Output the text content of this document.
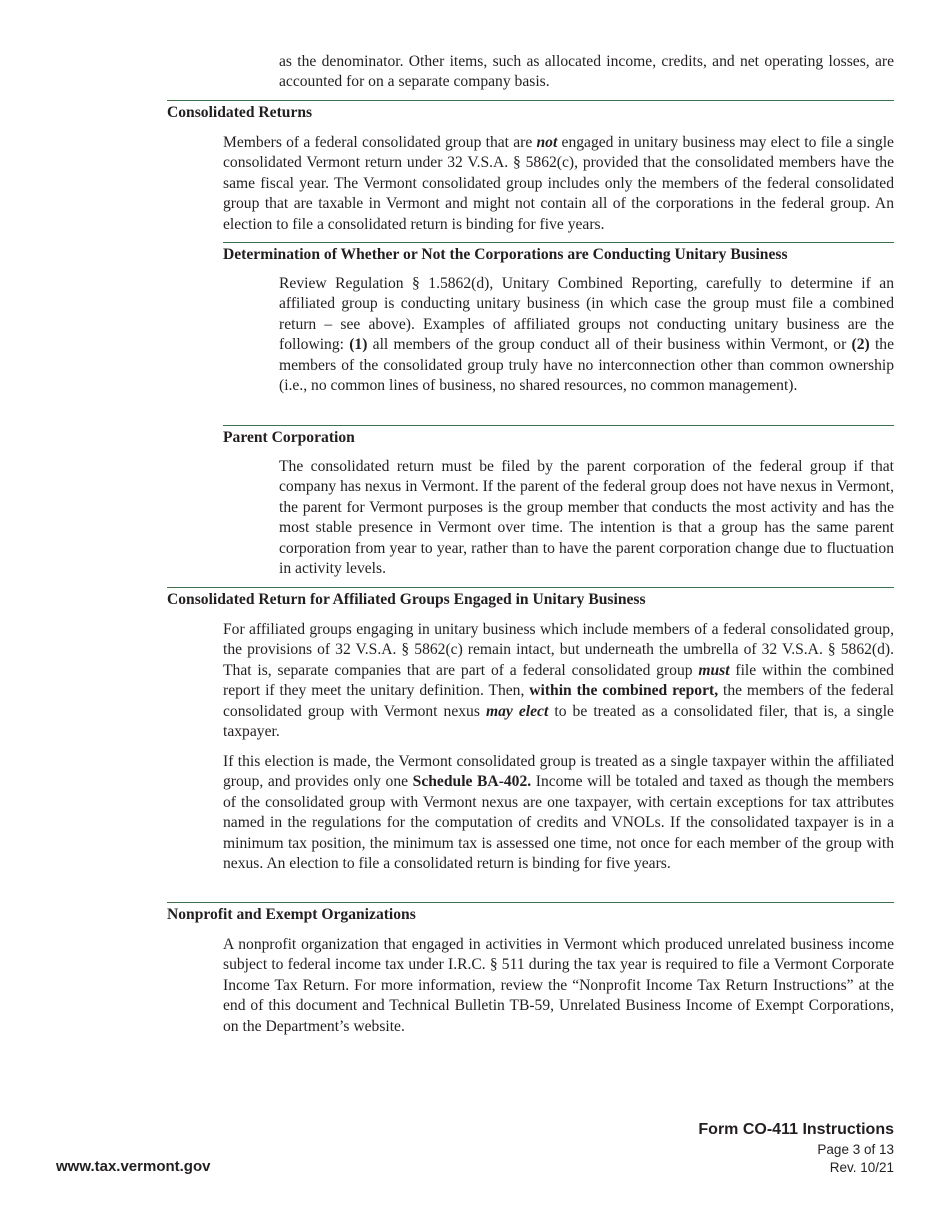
as the denominator. Other items, such as allocated income, credits, and net operating losses, are accounted for on a separate company basis.

Consolidated Returns

Members of a federal consolidated group that are not engaged in unitary business may elect to file a single consolidated Vermont return under 32 V.S.A. § 5862(c), provided that the consolidated members have the same fiscal year. The Vermont consolidated group includes only the members of the federal consolidated group that are taxable in Vermont and might not contain all of the corporations in the federal group. An election to file a consolidated return is binding for five years.

Determination of Whether or Not the Corporations are Conducting Unitary Business

Review Regulation § 1.5862(d), Unitary Combined Reporting, carefully to determine if an affiliated group is conducting unitary business (in which case the group must file a combined return – see above). Examples of affiliated groups not conducting unitary business are the following: (1) all members of the group conduct all of their business within Vermont, or (2) the members of the consolidated group truly have no interconnection other than common ownership (i.e., no common lines of business, no shared resources, no common management).

Parent Corporation

The consolidated return must be filed by the parent corporation of the federal group if that company has nexus in Vermont. If the parent of the federal group does not have nexus in Vermont, the parent for Vermont purposes is the group member that conducts the most activity and has the most stable presence in Vermont over time. The intention is that a group has the same parent corporation from year to year, rather than to have the parent corporation change due to fluctuation in activity levels.

Consolidated Return for Affiliated Groups Engaged in Unitary Business

For affiliated groups engaging in unitary business which include members of a federal consolidated group, the provisions of 32 V.S.A. § 5862(c) remain intact, but underneath the umbrella of 32 V.S.A. § 5862(d). That is, separate companies that are part of a federal consolidated group must file within the combined report if they meet the unitary definition. Then, within the combined report, the members of the federal consolidated group with Vermont nexus may elect to be treated as a consolidated filer, that is, a single taxpayer.

If this election is made, the Vermont consolidated group is treated as a single taxpayer within the affiliated group, and provides only one Schedule BA-402. Income will be totaled and taxed as though the members of the consolidated group with Vermont nexus are one taxpayer, with certain exceptions for tax attributes named in the regulations for the computation of credits and VNOLs. If the consolidated taxpayer is in a minimum tax position, the minimum tax is assessed one time, not once for each member of the group with nexus. An election to file a consolidated return is binding for five years.

Nonprofit and Exempt Organizations

A nonprofit organization that engaged in activities in Vermont which produced unrelated business income subject to federal income tax under I.R.C. § 511 during the tax year is required to file a Vermont Corporate Income Tax Return. For more information, review the “Nonprofit Income Tax Return Instructions” at the end of this document and Technical Bulletin TB-59, Unrelated Business Income of Exempt Corporations, on the Department’s website.

Form CO-411 Instructions
Page 3 of 13
Rev. 10/21
www.tax.vermont.gov
